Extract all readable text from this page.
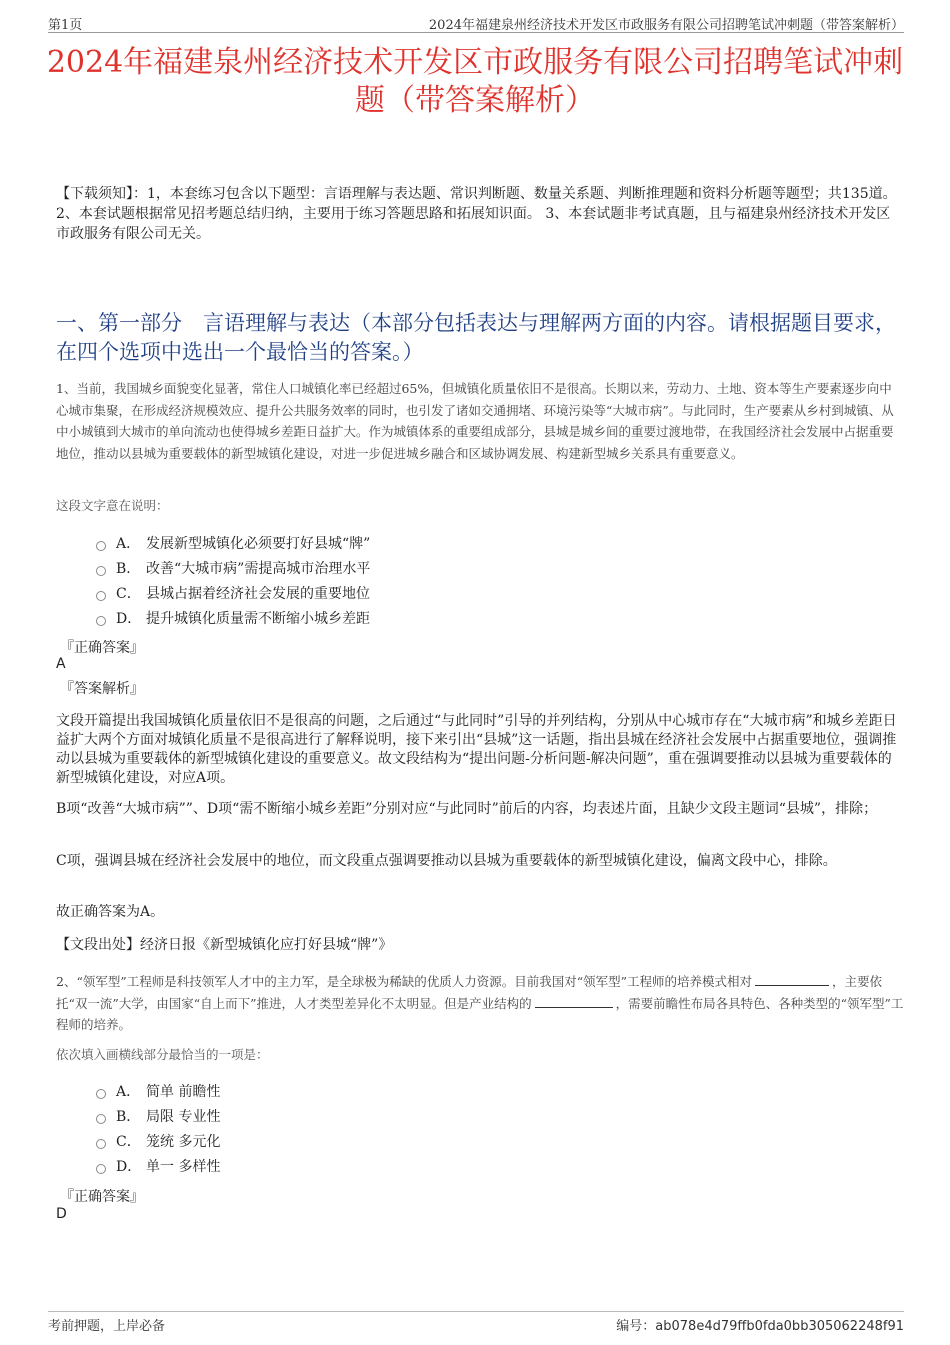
第1页	2024年福建泉州经济技术开发区市政服务有限公司招聘笔试冲刺题（带答案解析）
2024年福建泉州经济技术开发区市政服务有限公司招聘笔试冲刺题（带答案解析）
【下载须知】：1，本套练习包含以下题型：言语理解与表达题、常识判断题、数量关系题、判断推理题和资料分析题等题型；共135道。 2、本套试题根据常见招考题总结归纳，主要用于练习答题思路和拓展知识面。 3、本套试题非考试真题，且与福建泉州经济技术开发区市政服务有限公司无关。
一、第一部分　言语理解与表达（本部分包括表达与理解两方面的内容。请根据题目要求，在四个选项中选出一个最恰当的答案。）
1、当前，我国城乡面貌变化显著，常住人口城镇化率已经超过65%，但城镇化质量依旧不是很高。长期以来，劳动力、土地、资本等生产要素逐步向中心城市集聚，在形成经济规模效应、提升公共服务效率的同时，也引发了诸如交通拥堵、环境污染等“大城市病”。与此同时，生产要素从乡村到城镇、从中小城镇到大城市的单向流动也使得城乡差距日益扩大。作为城镇体系的重要组成部分，县城是城乡间的重要过渡地带，在我国经济社会发展中占据重要地位，推动以县城为重要载体的新型城镇化建设，对进一步促进城乡融合和区域协调发展、构建新型城乡关系具有重要意义。
这段文字意在说明：
A． 发展新型城镇化必须要打好县城“牌”
B． 改善“大城市病”需提高城市治理水平
C． 县城占据着经济社会发展的重要地位
D． 提升城镇化质量需不断缩小城乡差距
『正确答案』
A
『答案解析』
文段开篇提出我国城镇化质量依旧不是很高的问题，之后通过“与此同时”引导的并列结构，分别从中心城市存在“大城市病”和城乡差距日益扩大两个方面对城镇化质量不是很高进行了解释说明，接下来引出“县城”这一话题，指出县城在经济社会发展中占据重要地位，强调推动以县城为重要载体的新型城镇化建设的重要意义。故文段结构为“提出问题-分析问题-解决问题”，重在强调要推动以县城为重要载体的新型城镇化建设，对应A项。
B项“改善“大城市病””、D项“需不断缩小城乡差距”分别对应“与此同时”前后的内容，均表述片面，且缺少文段主题词“县城”，排除；
C项，强调县城在经济社会发展中的地位，而文段重点强调要推动以县城为重要载体的新型城镇化建设，偏离文段中心，排除。
故正确答案为A。
【文段出处】经济日报《新型城镇化应打好县城“牌”》
2、“领军型”工程师是科技领军人才中的主力军，是全球极为稀缺的优质人力资源。目前我国对“领军型”工程师的培养模式相对	，主要依托“双一流”大学，由国家“自上而下”推进，人才类型差异化不太明显。但是产业结构的	，需要前瞻性布局各具特色、各种类型的“领军型”工程师的培养。
依次填入画横线部分最恰当的一项是：
A． 简单 前瞻性
B． 局限 专业性
C． 笼统 多元化
D． 单一 多样性
『正确答案』
D
考前押题，上岸必备	编号：ab078e4d79ffb0fda0bb305062248f91
